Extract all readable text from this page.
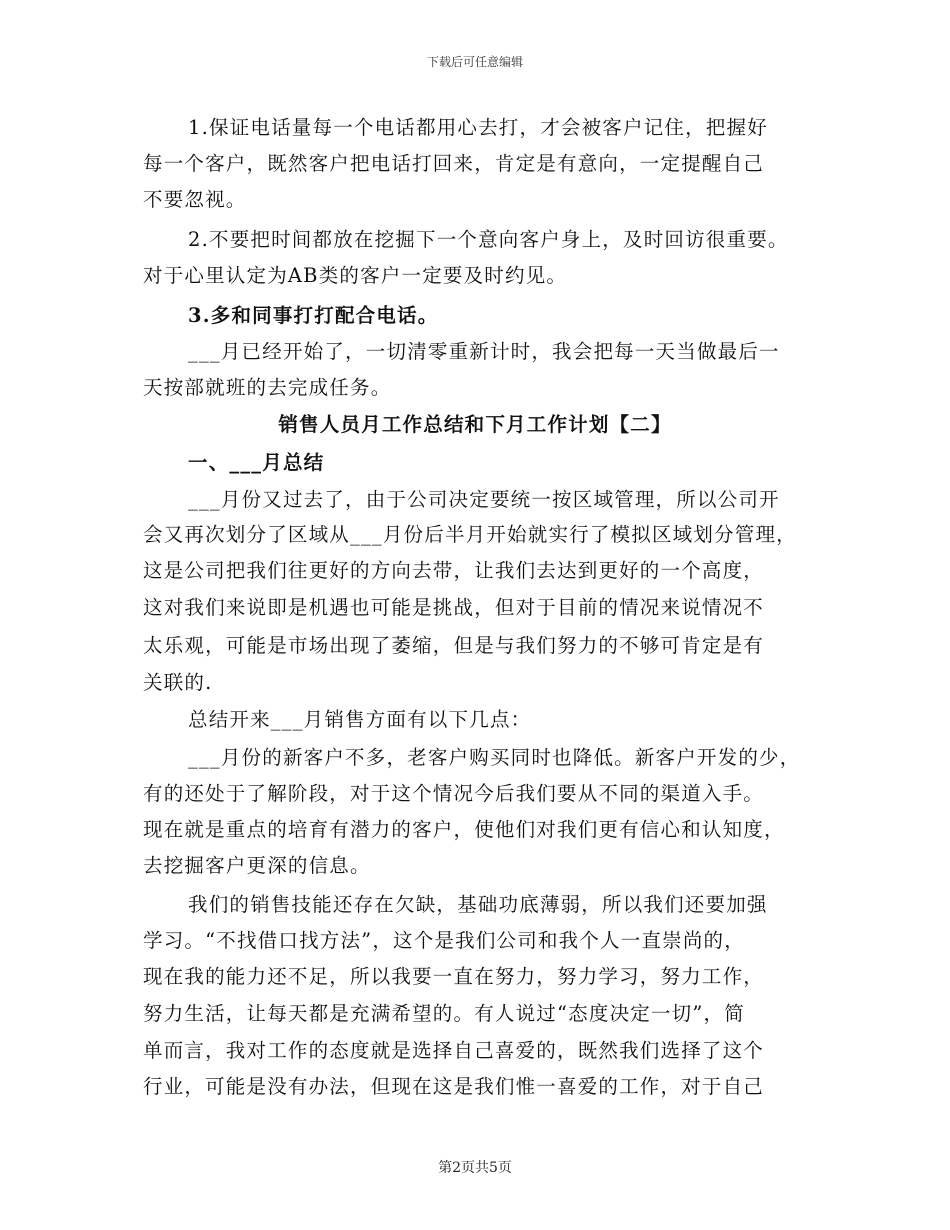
下载后可任意编辑
1.保证电话量每一个电话都用心去打，才会被客户记住，把握好
每一个客户，既然客户把电话打回来，肯定是有意向，一定提醒自己
不要忽视。
2.不要把时间都放在挖掘下一个意向客户身上，及时回访很重要。
对于心里认定为AB类的客户一定要及时约见。
3.多和同事打打配合电话。
___月已经开始了，一切清零重新计时，我会把每一天当做最后一
天按部就班的去完成任务。
销售人员月工作总结和下月工作计划【二】
一、___月总结
___月份又过去了，由于公司决定要统一按区域管理，所以公司开
会又再次划分了区域从___月份后半月开始就实行了模拟区域划分管理，
这是公司把我们往更好的方向去带，让我们去达到更好的一个高度，
这对我们来说即是机遇也可能是挑战，但对于目前的情况来说情况不
太乐观，可能是市场出现了萎缩，但是与我们努力的不够可肯定是有
关联的.
总结开来___月销售方面有以下几点：
___月份的新客户不多，老客户购买同时也降低。新客户开发的少，
有的还处于了解阶段，对于这个情况今后我们要从不同的渠道入手。
现在就是重点的培育有潜力的客户，使他们对我们更有信心和认知度，
去挖掘客户更深的信息。
我们的销售技能还存在欠缺，基础功底薄弱，所以我们还要加强
学习。“不找借口找方法”，这个是我们公司和我个人一直崇尚的，
现在我的能力还不足，所以我要一直在努力，努力学习，努力工作，
努力生活，让每天都是充满希望的。有人说过“态度决定一切”，简
单而言，我对工作的态度就是选择自己喜爱的，既然我们选择了这个
行业，可能是没有办法，但现在这是我们惟一喜爱的工作，对于自己
第2页共5页
